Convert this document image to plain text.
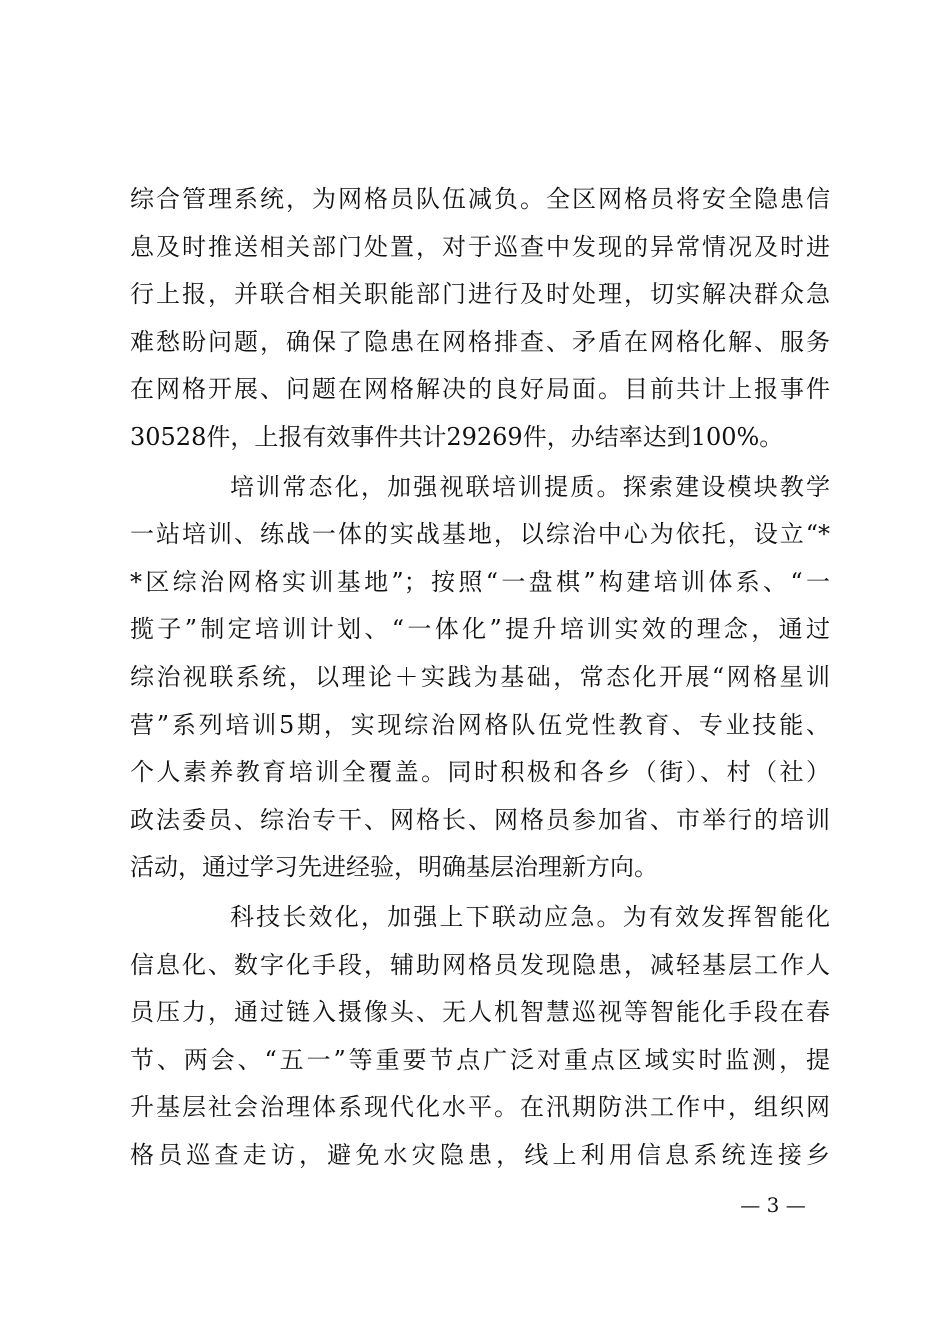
综合管理系统，为网格员队伍减负。全区网格员将安全隐患信
息及时推送相关部门处置，对于巡查中发现的异常情况及时进
行上报，并联合相关职能部门进行及时处理，切实解决群众急
难愁盼问题，确保了隐患在网格排查、矛盾在网格化解、服务
在网格开展、问题在网格解决的良好局面。目前共计上报事件
30528件，上报有效事件共计29269件，办结率达到100%。
培训常态化，加强视联培训提质。探索建设模块教学
一站培训、练战一体的实战基地，以综治中心为依托，设立“*
*区综治网格实训基地”；按照“一盘棋”构建培训体系、“一
揽子”制定培训计划、“一体化”提升培训实效的理念，通过
综治视联系统，以理论＋实践为基础，常态化开展“网格星训
营”系列培训5期，实现综治网格队伍党性教育、专业技能、
个人素养教育培训全覆盖。同时积极和各乡（街）、村（社）
政法委员、综治专干、网格长、网格员参加省、市举行的培训
活动，通过学习先进经验，明确基层治理新方向。
科技长效化，加强上下联动应急。为有效发挥智能化
信息化、数字化手段，辅助网格员发现隐患，减轻基层工作人
员压力，通过链入摄像头、无人机智慧巡视等智能化手段在春
节、两会、“五一”等重要节点广泛对重点区域实时监测，提
升基层社会治理体系现代化水平。在汛期防洪工作中，组织网
格员巡查走访，避免水灾隐患，线上利用信息系统连接乡
— 3 —
